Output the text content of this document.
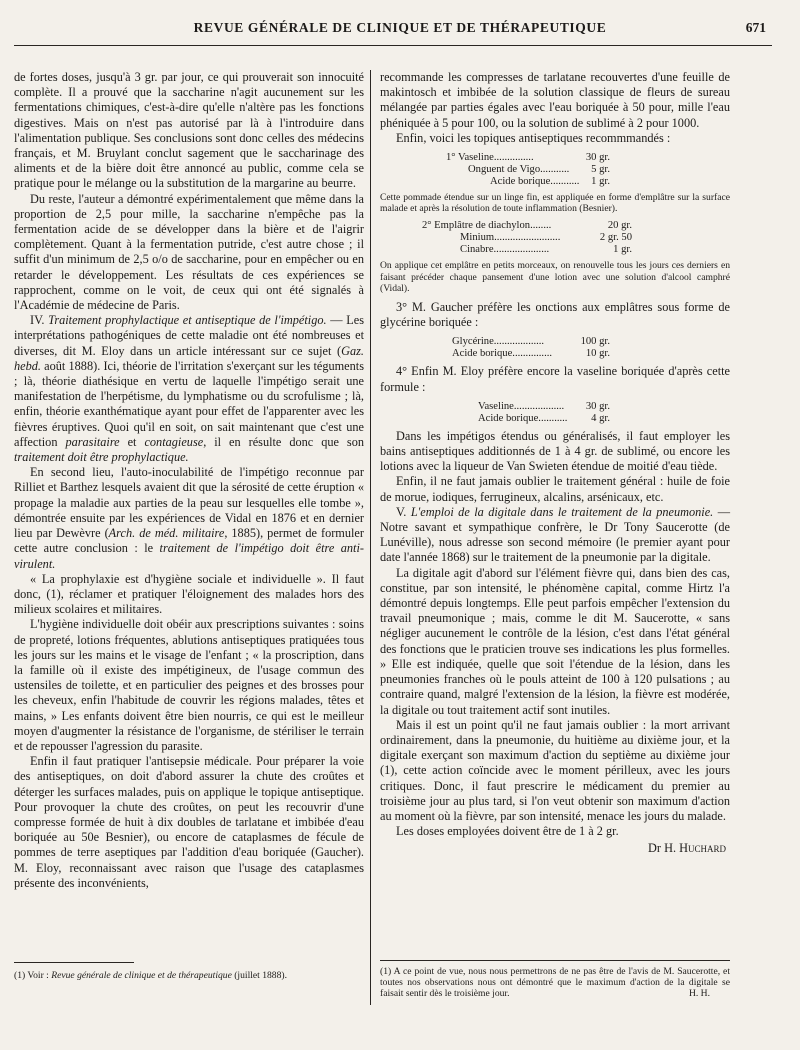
REVUE GÉNÉRALE DE CLINIQUE ET DE THÉRAPEUTIQUE	671

de fortes doses, jusqu'à 3 gr. par jour, ce qui prouverait son innocuité complète. Il a prouvé que la saccharine n'agit aucunement sur les fermentations chimiques, c'est-à-dire qu'elle n'altère pas les fonctions digestives. Mais on n'est pas autorisé par là à l'introduire dans l'alimentation publique. Ses conclusions sont donc celles des médecins français, et M. Bruylant conclut sagement que le saccharinage des aliments et de la bière doit être annoncé au public, comme cela se pratique pour le mélange ou la substitution de la margarine au beurre.

Du reste, l'auteur a démontré expérimentalement que même dans la proportion de 2,5 pour mille, la saccharine n'empêche pas la fermentation acide de se développer dans la bière et de l'aigrir complètement. Quant à la fermentation putride, c'est autre chose ; il suffit d'un minimum de 2,5 o/o de saccharine, pour en empêcher ou en retarder le développement. Les résultats de ces expériences se rapprochent, comme on le voit, de ceux qui ont été signalés à l'Académie de médecine de Paris.

IV. Traitement prophylactique et antiseptique de l'impétigo. — Les interprétations pathogéniques de cette maladie ont été nombreuses et diverses, dit M. Eloy dans un article intéressant sur ce sujet (Gaz. hebd. août 1888). Ici, théorie de l'irritation s'exerçant sur les téguments ; là, théorie diathésique en vertu de laquelle l'impétigo serait une manifestation de l'herpétisme, du lymphatisme ou du scrofulisme ; là, enfin, théorie exanthématique ayant pour effet de l'apparenter avec les fièvres éruptives. Quoi qu'il en soit, on sait maintenant que c'est une affection parasitaire et contagieuse, il en résulte donc que son traitement doit être prophylactique.

En second lieu, l'auto-inoculabilité de l'impétigo reconnue par Rilliet et Barthez lesquels avaient dit que la sérosité de cette éruption « propage la maladie aux parties de la peau sur lesquelles elle tombe », démontrée ensuite par les expériences de Vidal en 1876 et en dernier lieu par Dewèvre (Arch. de méd. militaire, 1885), permet de formuler cette autre conclusion : le traitement de l'impétigo doit être anti-virulent.

« La prophylaxie est d'hygiène sociale et individuelle ». Il faut donc, (1), réclamer et pratiquer l'éloignement des malades hors des milieux scolaires et militaires.

L'hygiène individuelle doit obéir aux prescriptions suivantes : soins de propreté, lotions fréquentes, ablutions antiseptiques pratiquées tous les jours sur les mains et le visage de l'enfant ; « la proscription, dans la famille où il existe des impétigineux, de l'usage commun des ustensiles de toilette, et en particulier des peignes et des brosses pour les cheveux, enfin l'habitude de couvrir les régions malades, têtes et mains, » Les enfants doivent être bien nourris, ce qui est le meilleur moyen d'augmenter la résistance de l'organisme, de stériliser le terrain et de repousser l'agression du parasite.

Enfin il faut pratiquer l'antisepsie médicale. Pour préparer la voie des antiseptiques, on doit d'abord assurer la chute des croûtes et déterger les surfaces malades, puis on applique le topique antiseptique. Pour provoquer la chute des croûtes, on peut les recouvrir d'une compresse formée de huit à dix doubles de tarlatane et imbibée d'eau boriquée au 50e Besnier), ou encore de cataplasmes de fécule de pommes de terre aseptiques par l'addition d'eau boriquée (Gaucher). M. Eloy, reconnaissant avec raison que l'usage des cataplasmes présente des inconvénients,

recommande les compresses de tarlatane recouvertes d'une feuille de makintosch et imbibée de la solution classique de fleurs de sureau mélangée par parties égales avec l'eau boriquée à 50 pour, mille l'eau phéniquée à 5 pour 100, ou la solution de sublimé à 2 pour 1000.

Enfin, voici les topiques antiseptiques recommmandés :

1° Vaseline...............	30 gr.
Onguent de Vigo........... 5 gr.
Acide borique........... 1 gr.

Cette pommade étendue sur un linge fin, est appliquée en forme d'emplâtre sur la surface malade et après la résolution de toute inflammation (Besnier).

2° Emplâtre de diachylon........	20 gr.
Minium.........................	2 gr. 50
Cinabre.....................	1 gr.

On applique cet emplâtre en petits morceaux, on renouvelle tous les jours ces derniers en faisant précéder chaque pansement d'une lotion avec une solution d'alcool camphré (Vidal).

3° M. Gaucher préfère les onctions aux emplâtres sous forme de glycérine boriquée :

Glycérine...................	100 gr.
Acide borique...............	10 gr.

4° Enfin M. Eloy préfère encore la vaseline boriquée d'après cette formule :

Vaseline................... 30 gr.
Acide borique........... 4 gr.

Dans les impétigos étendus ou généralisés, il faut employer les bains antiseptiques additionnés de 1 à 4 gr. de sublimé, ou encore les lotions avec la liqueur de Van Swieten étendue de moitié d'eau tiède.

Enfin, il ne faut jamais oublier le traitement général : huile de foie de morue, iodiques, ferrugineux, alcalins, arsénicaux, etc.

V. L'emploi de la digitale dans le traitement de la pneumonie. — Notre savant et sympathique confrère, le Dr Tony Saucerotte (de Lunéville), nous adresse son second mémoire (le premier ayant pour date l'année 1868) sur le traitement de la pneumonie par la digitale.

La digitale agit d'abord sur l'élément fièvre qui, dans bien des cas, constitue, par son intensité, le phénomène capital, comme Hirtz l'a démontré depuis longtemps. Elle peut parfois empêcher l'extension du travail pneumonique ; mais, comme le dit M. Saucerotte, « sans négliger aucunement le contrôle de la lésion, c'est dans l'état général des fonctions que le praticien trouve ses indications les plus formelles. » Elle est indiquée, quelle que soit l'étendue de la lésion, dans les pneumonies franches où le pouls atteint de 100 à 120 pulsations ; au contraire quand, malgré l'extension de la lésion, la fièvre est modérée, la digitale ou tout traitement actif sont inutiles.

Mais il est un point qu'il ne faut jamais oublier : la mort arrivant ordinairement, dans la pneumonie, du huitième au dixième jour, et la digitale exerçant son maximum d'action du septième au dixième jour (1), cette action coïncide avec le moment périlleux, avec les jours critiques. Donc, il faut prescrire le médicament du premier au troisième jour au plus tard, si l'on veut obtenir son maximum d'action au moment où la fièvre, par son intensité, menace les jours du malade.

Les doses employées doivent être de 1 à 2 gr.

Dr H. Huchard

(1) Voir : Revue générale de clinique et de thérapeutique (juillet 1888).	(1) A ce point de vue, nous nous permettrons de ne pas être de l'avis de M. Saucerotte, et toutes nos observations nous ont démontré que le maximum d'action de la digitale se faisait sentir dès le troisième jour.	H. H.
